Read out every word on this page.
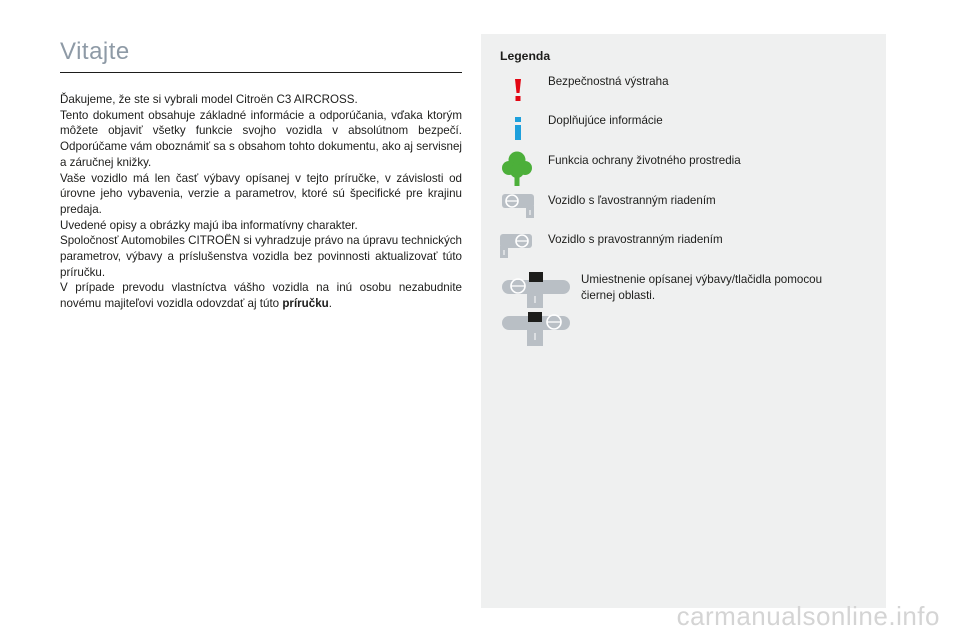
Vitajte

Ďakujeme, že ste si vybrali model Citroën C3 AIRCROSS.

Tento dokument obsahuje základné informácie a odporúčania, vďaka ktorým môžete objaviť všetky funkcie svojho vozidla v absolútnom bezpečí. Odporúčame vám oboznámiť sa s obsahom tohto dokumentu, ako aj servisnej a záručnej knižky.

Vaše vozidlo má len časť výbavy opísanej v tejto príručke, v závislosti od úrovne jeho vybavenia, verzie a parametrov, ktoré sú špecifické pre krajinu predaja.

Uvedené opisy a obrázky majú iba informatívny charakter.

Spoločnosť Automobiles CITROËN si vyhradzuje právo na úpravu technických parametrov, výbavy a príslušenstva vozidla bez povinnosti aktualizovať túto príručku.

V prípade prevodu vlastníctva vášho vozidla na inú osobu nezabudnite novému majiteľovi vozidla odovzdať aj túto príručku.

Legenda
Bezpečnostná výstraha
Doplňujúce informácie
Funkcia ochrany životného prostredia
Vozidlo s ľavostranným riadením
Vozidlo s pravostranným riadením
Umiestnenie opísanej výbavy/tlačidla pomocou čiernej oblasti.
carmanualsonline.info
